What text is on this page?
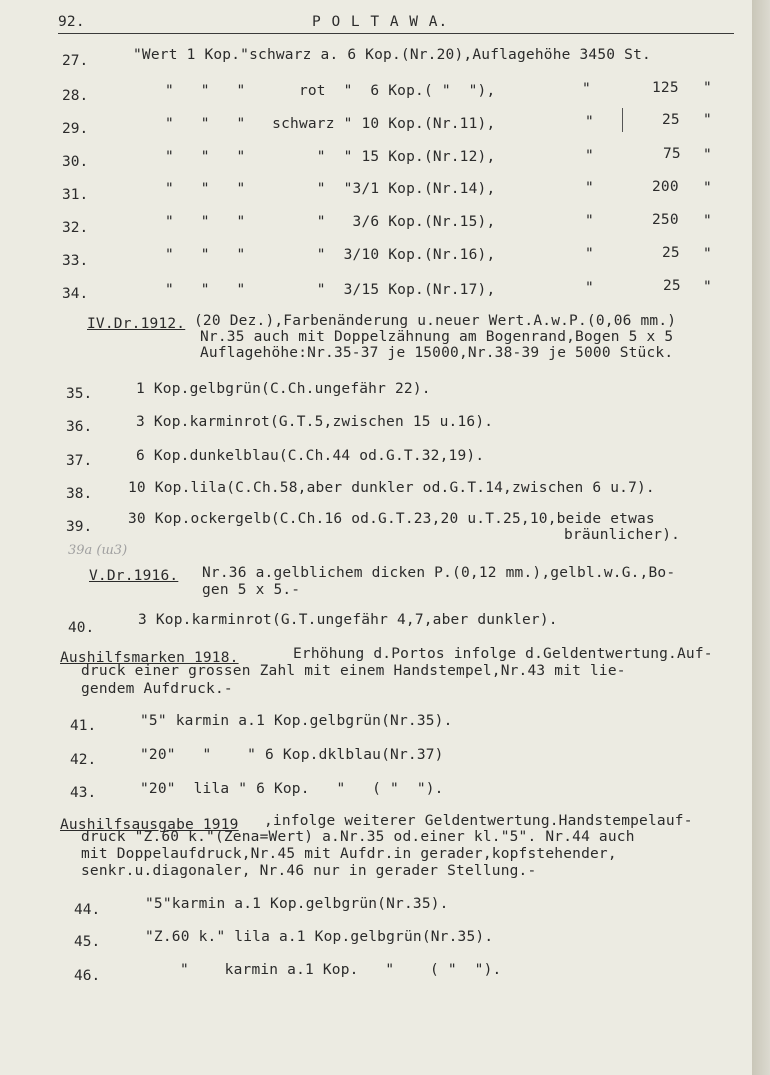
92.	P O L T A W A.
27.	"Wert 1 Kop."schwarz a. 6 Kop.(Nr.20),Auflagehöhe 3450 St.
28.	"   "   "      rot  "  6 Kop.( "  "),	"	125 "
29.	"   "   "   schwarz " 10 Kop.(Nr.11),	"	25 "
30.	"   "   "        "  " 15 Kop.(Nr.12),	"	75 "
31.	"   "   "        "  "3/1 Kop.(Nr.14),	"	200 "
32.	"   "   "        "   3/6 Kop.(Nr.15),	"	250 "
33.	"   "   "        "  3/10 Kop.(Nr.16),	"	25 "
34.	"   "   "        "  3/15 Kop.(Nr.17),	"	25 "
IV.Dr.1912. (20 Dez.),Farbenänderung u.neuer Wert.A.w.P.(0,06 mm.)
Nr.35 auch mit Doppelzähnung am Bogenrand,Bogen 5 x 5
Auflagehöhe:Nr.35-37 je 15000,Nr.38-39 je 5000 Stück.
35.	1 Kop.gelbgrün(C.Ch.ungefähr 22).
36.	3 Kop.karminrot(G.T.5,zwischen 15 u.16).
37.	6 Kop.dunkelblau(C.Ch.44 od.G.T.32,19).
38. 10 Kop.lila(C.Ch.58,aber dunkler od.G.T.14,zwischen 6 u.7).
39. 30 Kop.ockergelb(C.Ch.16 od.G.T.23,20 u.T.25,10,beide etwas
bräunlicher).
39a (ш3)
V.Dr.1916. Nr.36 a.gelblichem dicken P.(0,12 mm.),gelbl.w.G.,Bo-
gen 5 x 5.-
40.	3 Kop.karminrot(G.T.ungefähr 4,7,aber dunkler).
Aushilfsmarken 1918.	Erhöhung d.Portos infolge d.Geldentwertung.Auf-
druck einer grossen Zahl mit einem Handstempel,Nr.43 mit lie-
gendem Aufdruck.-
41.	"5" karmin a.1 Kop.gelbgrün(Nr.35).
42.	"20"   "    " 6 Kop.dklblau(Nr.37)
43.	"20"  lila " 6 Kop.   "   ( "  ").
Aushilfsausgabe 1919 ,infolge weiterer Geldentwertung.Handstempelauf-
druck "Z.60 k."(Zena=Wert) a.Nr.35 od.einer kl."5". Nr.44 auch
mit Doppelaufdruck,Nr.45 mit Aufdr.in gerader,kopfstehender,
senkr.u.diagonaler, Nr.46 nur in gerader Stellung.-
44.	"5"karmin a.1 Kop.gelbgrün(Nr.35).
45.	"Z.60 k." lila a.1 Kop.gelbgrün(Nr.35).
46.	"    karmin a.1 Kop.   "    ( "  ").
